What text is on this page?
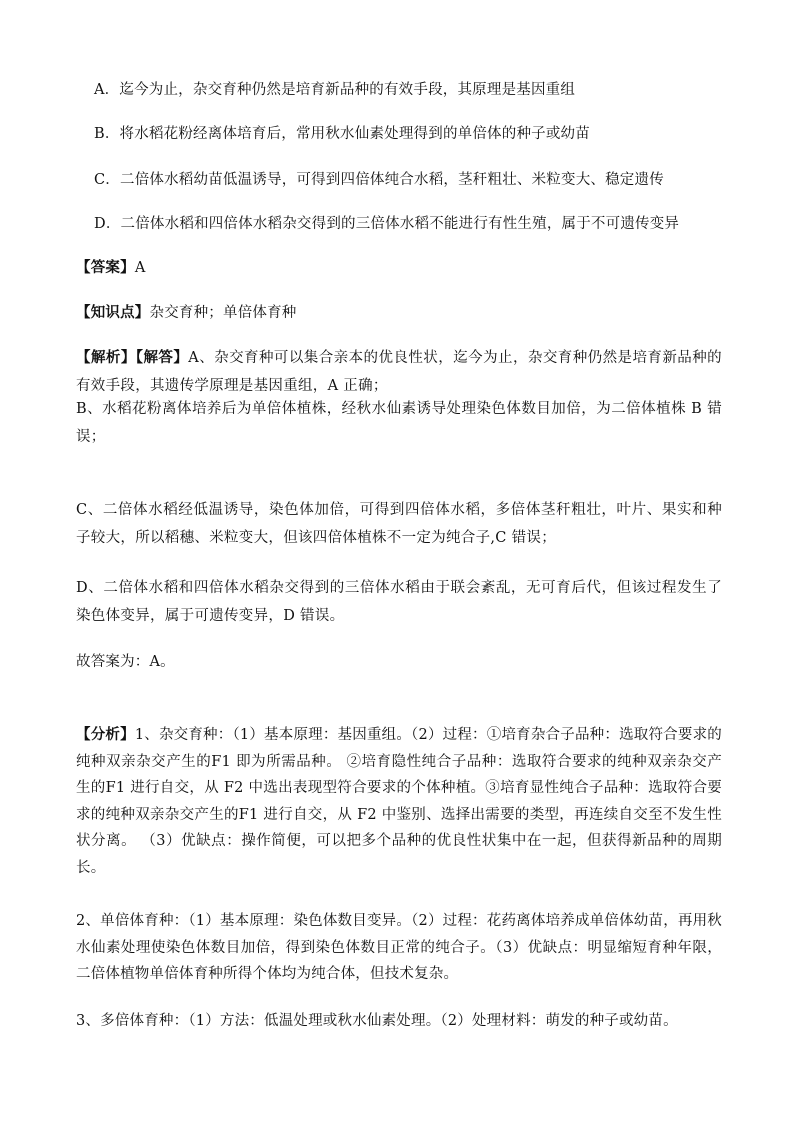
A．迄今为止，杂交育种仍然是培育新品种的有效手段，其原理是基因重组
B．将水稻花粉经离体培育后，常用秋水仙素处理得到的单倍体的种子或幼苗
C．二倍体水稻幼苗低温诱导，可得到四倍体纯合水稻，茎秆粗壮、米粒变大、稳定遗传
D．二倍体水稻和四倍体水稻杂交得到的三倍体水稻不能进行有性生殖，属于不可遗传变异
【答案】A
【知识点】杂交育种；单倍体育种
【解析】【解答】A、杂交育种可以集合亲本的优良性状，迄今为止，杂交育种仍然是培育新品种的有效手段，其遗传学原理是基因重组，A 正确；
B、水稻花粉离体培养后为单倍体植株，经秋水仙素诱导处理染色体数目加倍，为二倍体植株 B 错误；
C、二倍体水稻经低温诱导，染色体加倍，可得到四倍体水稻，多倍体茎秆粗壮，叶片、果实和种子较大，所以稻穗、米粒变大，但该四倍体植株不一定为纯合子,C 错误；
D、二倍体水稻和四倍体水稻杂交得到的三倍体水稻由于联会紊乱，无可育后代，但该过程发生了染色体变异，属于可遗传变异，D 错误。
故答案为：A。
【分析】1、杂交育种：（1）基本原理：基因重组。（2）过程：①培育杂合子品种：选取符合要求的纯种双亲杂交产生的F1 即为所需品种。 ②培育隐性纯合子品种：选取符合要求的纯种双亲杂交产生的F1 进行自交，从 F2 中选出表现型符合要求的个体种植。③培育显性纯合子品种：选取符合要求的纯种双亲杂交产生的F1 进行自交，从 F2 中鉴别、选择出需要的类型，再连续自交至不发生性状分离。 （3）优缺点：操作简便，可以把多个品种的优良性状集中在一起，但获得新品种的周期长。
2、单倍体育种：（1）基本原理：染色体数目变异。（2）过程：花药离体培养成单倍体幼苗，再用秋水仙素处理使染色体数目加倍，得到染色体数目正常的纯合子。（3）优缺点：明显缩短育种年限，二倍体植物单倍体育种所得个体均为纯合体，但技术复杂。
3、多倍体育种：（1）方法：低温处理或秋水仙素处理。（2）处理材料：萌发的种子或幼苗。
